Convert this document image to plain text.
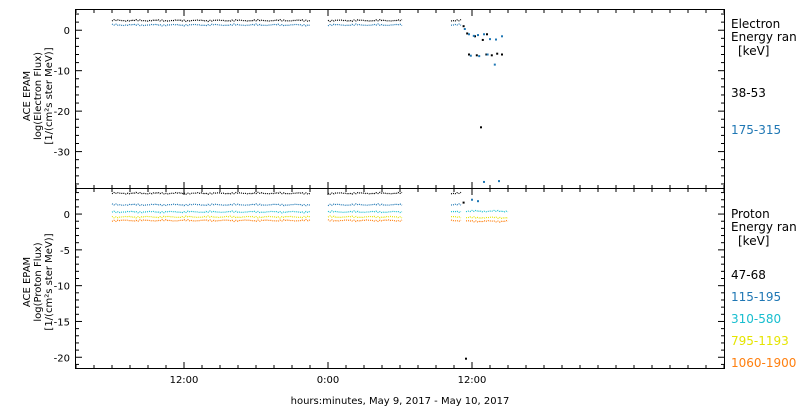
0
-10
-20
-30
0
-5
-10
-15
-20
12:00	0:00	12:00
ACE EPAM log(Electron Flux) [1/(cm²s ster MeV)]
ACE EPAM log(Proton Flux) [1/(cm²s ster MeV)]
Electron
Energy ran
[keV]
Proton
Energy ran
[keV]
38-53
175-315
47-68
115-195
310-580
795-1193
1060-1900
hours:minutes, May 9, 2017 - May 10, 2017
